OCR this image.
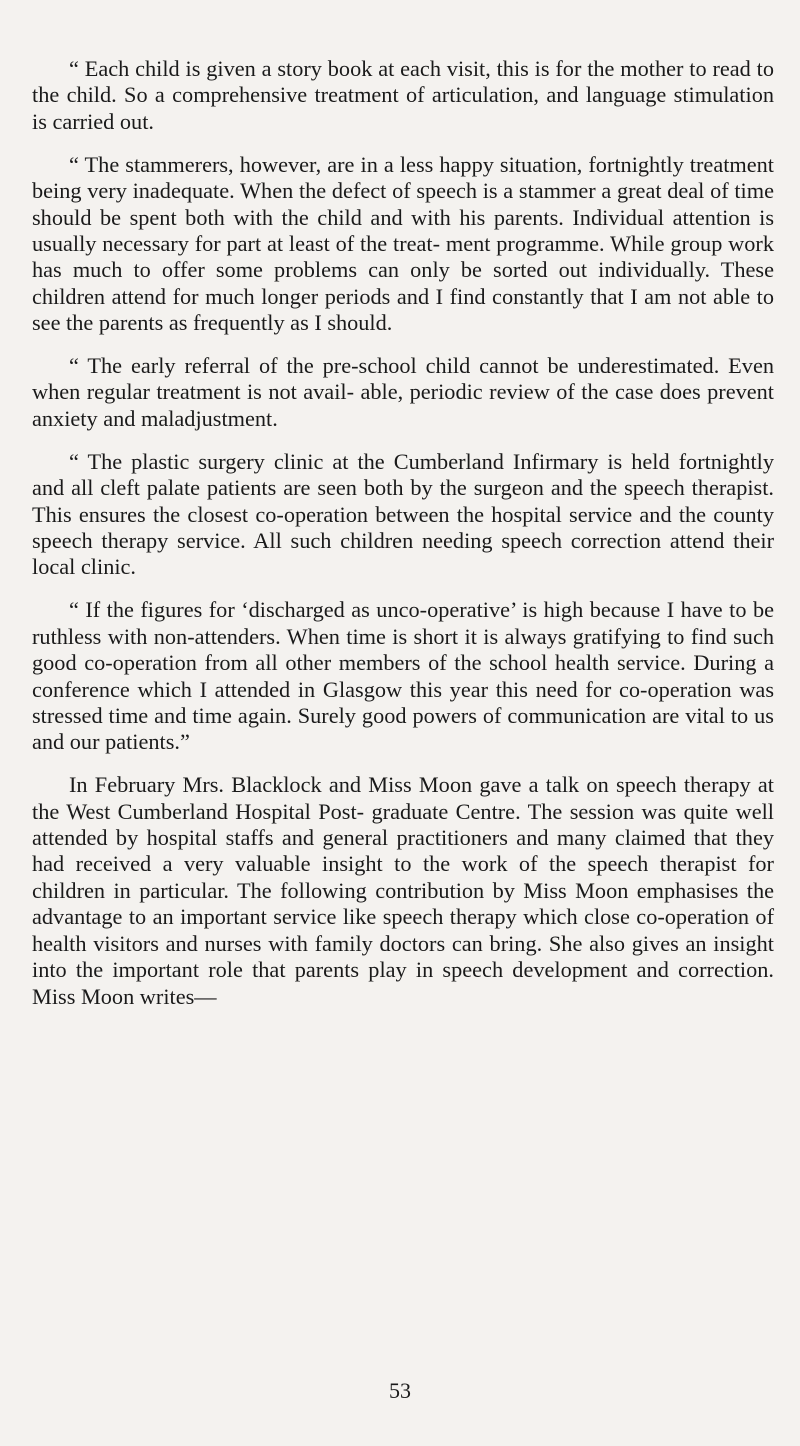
“ Each child is given a story book at each visit, this is for the mother to read to the child. So a comprehensive treatment of articulation, and language stimulation is carried out.

“ The stammerers, however, are in a less happy situation, fortnightly treatment being very inadequate. When the defect of speech is a stammer a great deal of time should be spent both with the child and with his parents. Individual attention is usually necessary for part at least of the treat- ment programme. While group work has much to offer some problems can only be sorted out individually. These children attend for much longer periods and I find constantly that I am not able to see the parents as frequently as I should.

“ The early referral of the pre-school child cannot be underestimated. Even when regular treatment is not avail- able, periodic review of the case does prevent anxiety and maladjustment.

“ The plastic surgery clinic at the Cumberland Infirmary is held fortnightly and all cleft palate patients are seen both by the surgeon and the speech therapist. This ensures the closest co-operation between the hospital service and the county speech therapy service. All such children needing speech correction attend their local clinic.

“ If the figures for ‘discharged as unco-operative’ is high because I have to be ruthless with non-attenders. When time is short it is always gratifying to find such good co-operation from all other members of the school health service. During a conference which I attended in Glasgow this year this need for co-operation was stressed time and time again. Surely good powers of communication are vital to us and our patients.”

In February Mrs. Blacklock and Miss Moon gave a talk on speech therapy at the West Cumberland Hospital Post- graduate Centre. The session was quite well attended by hospital staffs and general practitioners and many claimed that they had received a very valuable insight to the work of the speech therapist for children in particular. The following contribution by Miss Moon emphasises the advantage to an important service like speech therapy which close co-operation of health visitors and nurses with family doctors can bring. She also gives an insight into the important role that parents play in speech development and correction. Miss Moon writes—

53
